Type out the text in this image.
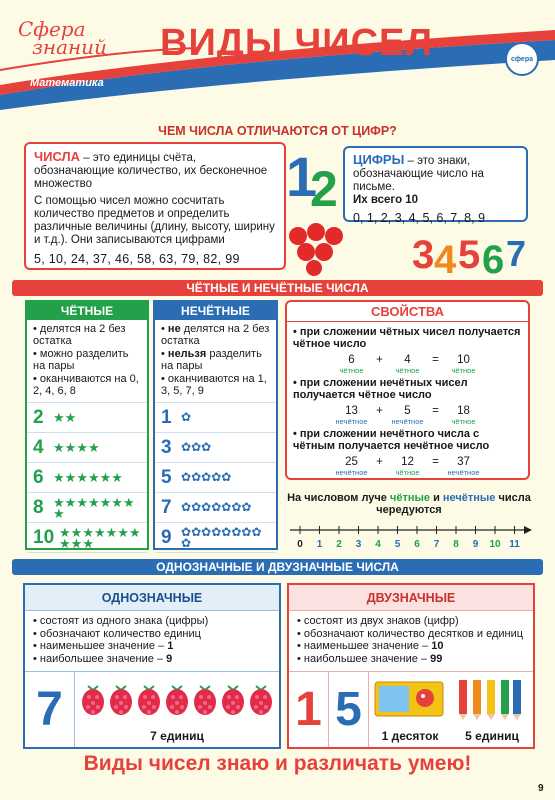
Сфера
знаний
Математика
ВИДЫ ЧИСЕЛ	сфера
ЧЕМ ЧИСЛА ОТЛИЧАЮТСЯ ОТ ЦИФР?

ЧИСЛА – это единицы счёта, обозначающие количество, их бесконечное множество

С помощью чисел можно сосчитать количество предметов и определить различные величины (длину, высоту, ширину и т.д.). Они записываются цифрами

5, 10, 24, 37, 46, 58, 63, 79, 82, 99
ЦИФРЫ – это знаки, обозначающие число на письме.
Их всего 10
0, 1, 2, 3, 4, 5, 6, 7, 8, 9
1
2
3 4 5 6 7
ЧЁТНЫЕ И НЕЧЁТНЫЕ ЧИСЛА
ЧЁТНЫЕ
• делятся на 2 без остатка
• можно разделить на пары
• оканчиваются на 0, 2, 4, 6, 8
2 ★ ★
4 ★ ★ ★ ★
6 ★ ★ ★ ★ ★ ★
8 ★ ★ ★ ★ ★ ★ ★
★
10 ★ ★ ★ ★ ★ ★ ★
★ ★ ★
НЕЧЁТНЫЕ
• не делятся на 2 без остатка
• нельзя разделить на пары
• оканчиваются на 1, 3, 5, 7, 9
1 ✿
3 ✿ ✿ ✿
5 ✿ ✿ ✿ ✿ ✿
7 ✿ ✿ ✿ ✿ ✿ ✿ ✿
9 ✿ ✿ ✿ ✿ ✿ ✿ ✿ ✿
✿
СВОЙСТВА
• при сложении чётных чисел получается чётное число
6
чётное
+	4
чётное
=	10
чётное
• при сложении нечётных чисел получается чётное число
13
нечётное
+	5
нечётное
=	18
чётное
• при сложении нечётного числа с чётным получается нечётное число
25
нечётное
+	12
чётное
=	37
нечётное
На числовом луче чётные и нечётные числа чередуются
0 1 2 3 4 5 6 7 8 9 10 11
ОДНОЗНАЧНЫЕ И ДВУЗНАЧНЫЕ ЧИСЛА
ОДНОЗНАЧНЫЕ
• состоят из одного знака (цифры)
• обозначают количество единиц
• наименьшее значение – 1
• наибольшее значение – 9
7	7 единиц
ДВУЗНАЧНЫЕ
• состоят из двух знаков (цифр)
• обозначают количество десятков и единиц
• наименьшее значение – 10
• наибольшее значение – 99
1 5	1 десяток	5 единиц
Виды чисел знаю и различать умею!
9
